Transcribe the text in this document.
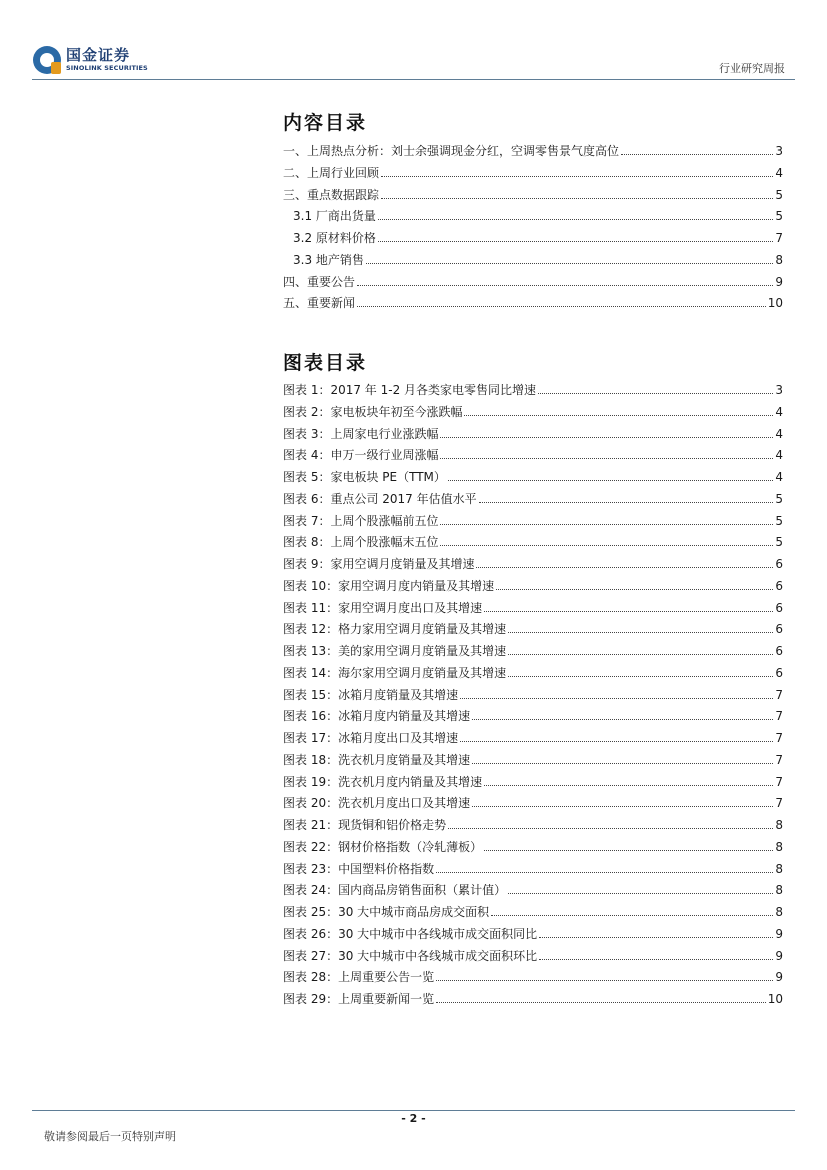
国金证券
SINOLINK SECURITIES	行业研究周报
内容目录
一、上周热点分析：刘士余强调现金分红，空调零售景气度高位	3
二、上周行业回顾	4
三、重点数据跟踪	5
3.1 厂商出货量	5
3.2 原材料价格	7
3.3 地产销售	8
四、重要公告	9
五、重要新闻	10
图表目录
图表 1：2017 年 1-2 月各类家电零售同比增速	3
图表 2：家电板块年初至今涨跌幅	4
图表 3：上周家电行业涨跌幅	4
图表 4：申万一级行业周涨幅	4
图表 5：家电板块 PE（TTM）	4
图表 6：重点公司 2017 年估值水平	5
图表 7：上周个股涨幅前五位	5
图表 8：上周个股涨幅末五位	5
图表 9：家用空调月度销量及其增速	6
图表 10：家用空调月度内销量及其增速	6
图表 11：家用空调月度出口及其增速	6
图表 12：格力家用空调月度销量及其增速	6
图表 13：美的家用空调月度销量及其增速	6
图表 14：海尔家用空调月度销量及其增速	6
图表 15：冰箱月度销量及其增速	7
图表 16：冰箱月度内销量及其增速	7
图表 17：冰箱月度出口及其增速	7
图表 18：洗衣机月度销量及其增速	7
图表 19：洗衣机月度内销量及其增速	7
图表 20：洗衣机月度出口及其增速	7
图表 21：现货铜和铝价格走势	8
图表 22：钢材价格指数（冷轧薄板）	8
图表 23：中国塑料价格指数	8
图表 24：国内商品房销售面积（累计值）	8
图表 25：30 大中城市商品房成交面积	8
图表 26：30 大中城市中各线城市成交面积同比	9
图表 27：30 大中城市中各线城市成交面积环比	9
图表 28：上周重要公告一览	9
图表 29：上周重要新闻一览	10
- 2 -
敬请参阅最后一页特别声明
